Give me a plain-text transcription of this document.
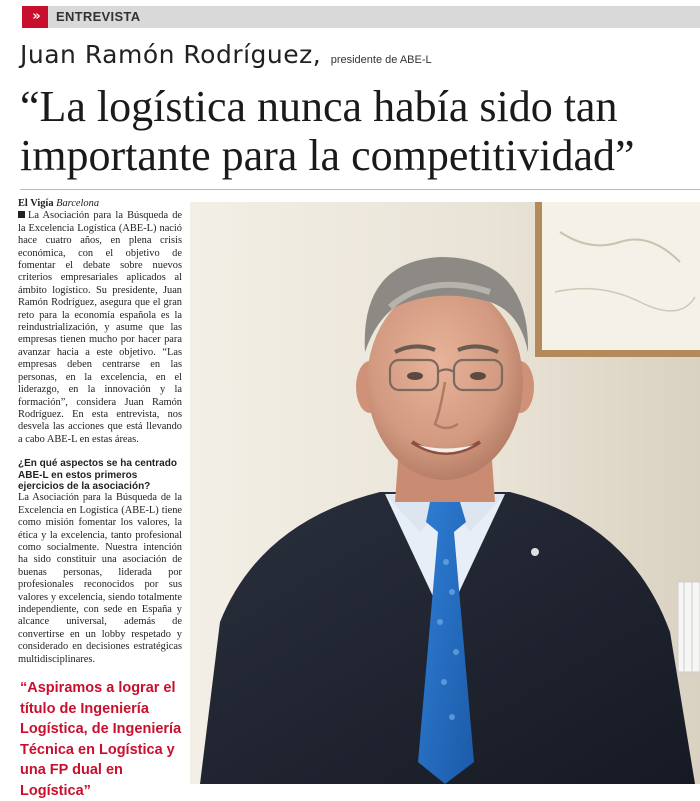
»	ENTREVISTA
Juan Ramón Rodríguez, presidente de ABE-L
“La logística nunca había sido tan importante para la competitividad”

El Vigía Barcelona

La Asociación para la Búsqueda de la Excelencia Logística (ABE-L) nació hace cuatro años, en plena crisis económica, con el objetivo de fomentar el debate sobre nuevos criterios empresariales aplicados al ámbito logístico. Su presidente, Juan Ramón Rodríguez, asegura que el gran reto para la economía española es la reindustrialización, y asume que las empresas tienen mucho por hacer para avanzar hacia a este objetivo. “Las empresas deben centrarse en las personas, en la excelencia, en el liderazgo, en la innovación y la formación”, considera Juan Ramón Rodríguez. En esta entrevista, nos desvela las acciones que está llevando a cabo ABE-L en estas áreas.

¿En qué aspectos se ha centrado ABE-L en estos primeros ejercicios de la asociación?

La Asociación para la Búsqueda de la Excelencia en Logística (ABE-L) tiene como misión fomentar los valores, la ética y la excelencia, tanto profesional como socialmente. Nuestra intención ha sido constituir una asociación de buenas personas, liderada por profesionales reconocidos por sus valores y excelencia, siendo totalmente independiente, con sede en España y alcance universal, además de convertirse en un lobby respetado y considerado en decisiones estratégicas multidisciplinares.

“Aspiramos a lograr el título de Ingeniería Logística, de Ingeniería Técnica en Logística y una FP dual en Logística”
